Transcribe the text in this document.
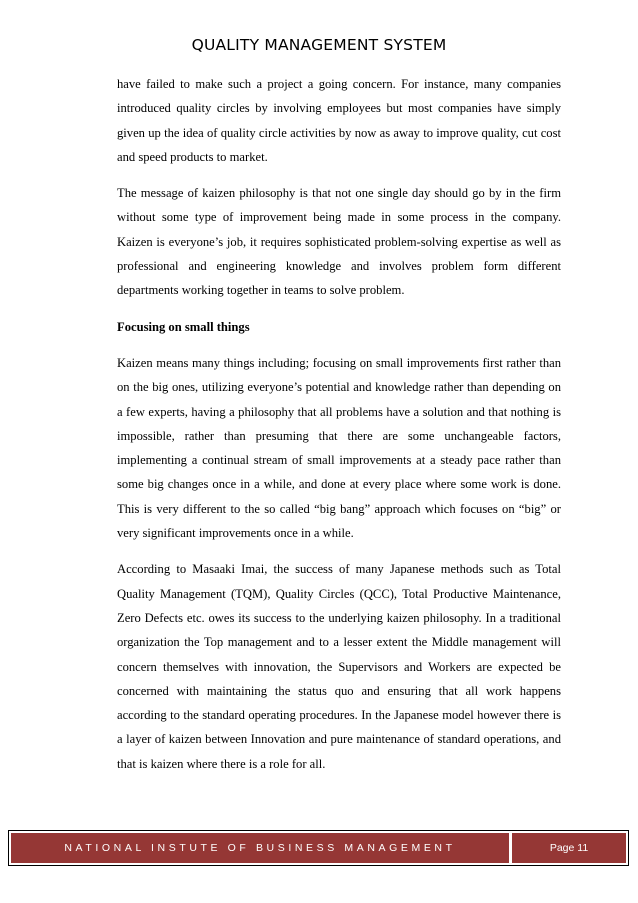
QUALITY MANAGEMENT SYSTEM

have failed to make such a project a going concern. For instance, many companies introduced quality circles by involving employees but most companies have simply given up the idea of quality circle activities by now as away to improve quality, cut cost and speed products to market.

The message of kaizen philosophy is that not one single day should go by in the firm without some type of improvement being made in some process in the company. Kaizen is everyone’s job, it requires sophisticated problem-solving expertise as well as professional and engineering knowledge and involves problem form different departments working together in teams to solve problem.

Focusing on small things

Kaizen means many things including; focusing on small improvements first rather than on the big ones, utilizing everyone’s potential and knowledge rather than depending on a few experts, having a philosophy that all problems have a solution and that nothing is impossible, rather than presuming that there are some unchangeable factors, implementing a continual stream of small improvements at a steady pace rather than some big changes once in a while, and done at every place where some work is done. This is very different to the so called “big bang” approach which focuses on “big” or very significant improvements once in a while.

According to Masaaki Imai, the success of many Japanese methods such as Total Quality Management (TQM), Quality Circles (QCC), Total Productive Maintenance, Zero Defects etc. owes its success to the underlying kaizen philosophy. In a traditional organization the Top management and to a lesser extent the Middle management will concern themselves with innovation, the Supervisors and Workers are expected be concerned with maintaining the status quo and ensuring that all work happens according to the standard operating procedures. In the Japanese model however there is a layer of kaizen between Innovation and pure maintenance of standard operations, and that is kaizen where there is a role for all.

NATIONAL INSTUTE OF BUSINESS MANAGEMENT	Page 11
